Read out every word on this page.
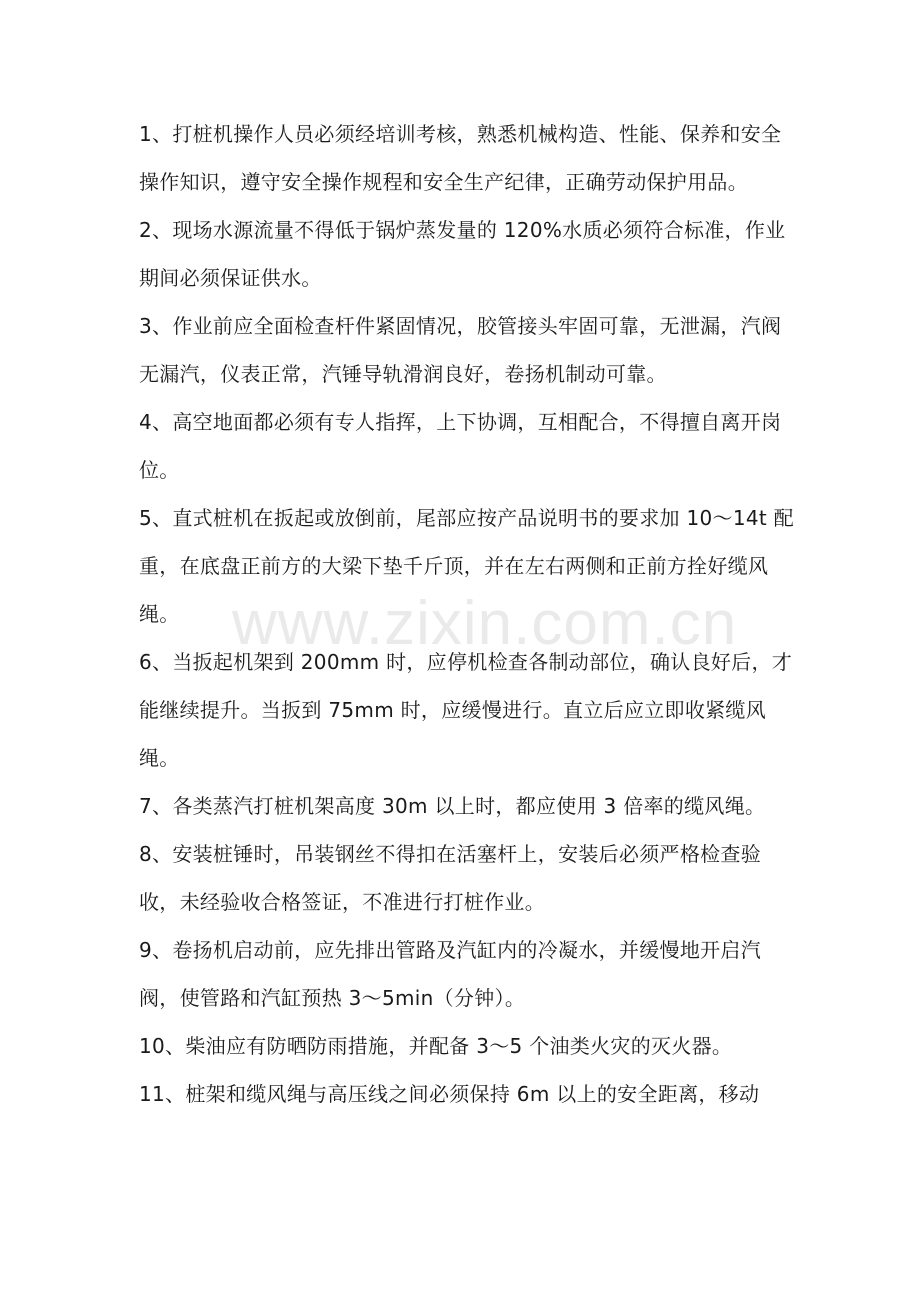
1、打桩机操作人员必须经培训考核，熟悉机械构造、性能、保养和安全操作知识，遵守安全操作规程和安全生产纪律，正确劳动保护用品。

2、现场水源流量不得低于锅炉蒸发量的 120%水质必须符合标准，作业期间必须保证供水。

3、作业前应全面检查杆件紧固情况，胶管接头牢固可靠，无泄漏，汽阀无漏汽，仪表正常，汽锤导轨滑润良好，卷扬机制动可靠。

4、高空地面都必须有专人指挥，上下协调，互相配合，不得擅自离开岗位。

5、直式桩机在扳起或放倒前，尾部应按产品说明书的要求加 10～14t 配重，在底盘正前方的大梁下垫千斤顶，并在左右两侧和正前方拴好缆风绳。

6、当扳起机架到 200mm 时，应停机检查各制动部位，确认良好后，才能继续提升。当扳到 75mm 时，应缓慢进行。直立后应立即收紧缆风绳。

7、各类蒸汽打桩机架高度 30m 以上时，都应使用 3 倍率的缆风绳。

8、安装桩锤时，吊装钢丝不得扣在活塞杆上，安装后必须严格检查验收，未经验收合格签证，不准进行打桩作业。

9、卷扬机启动前，应先排出管路及汽缸内的冷凝水，并缓慢地开启汽阀，使管路和汽缸预热 3～5min（分钟）。

10、柴油应有防晒防雨措施，并配备 3～5 个油类火灾的灭火器。

11、桩架和缆风绳与高压线之间必须保持 6m 以上的安全距离，移动

www.zixin.com.cn
